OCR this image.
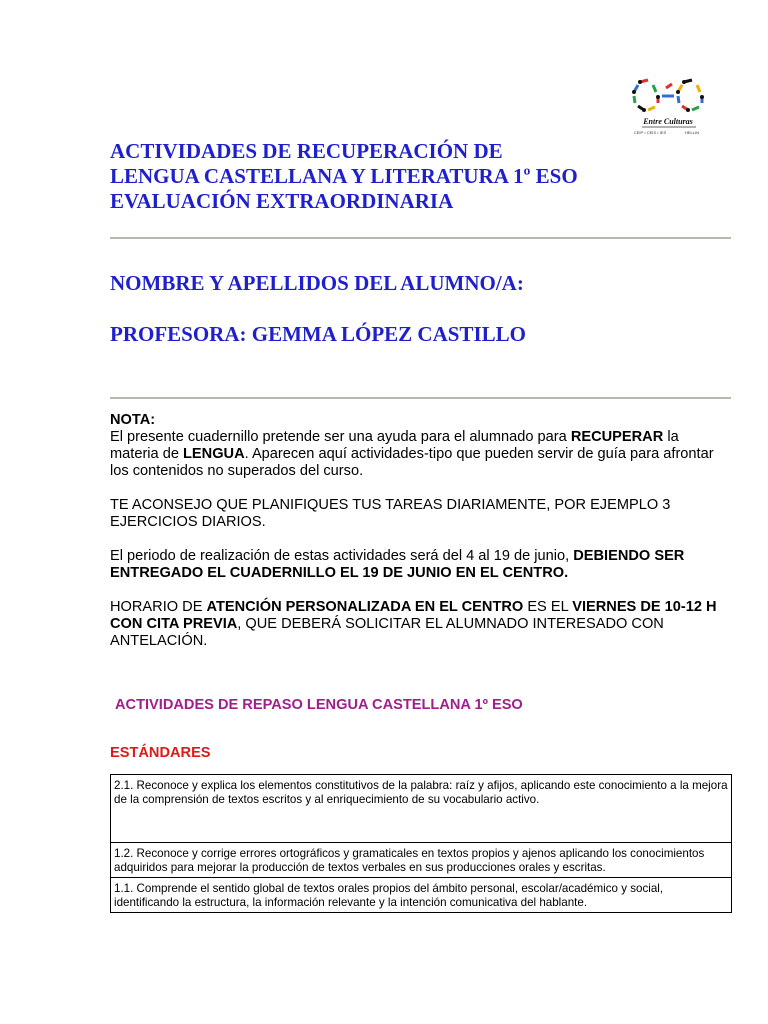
Entre Culturas
CEIP • CEIS • IES	HELLIN
ACTIVIDADES DE RECUPERACIÓN DE
LENGUA CASTELLANA Y LITERATURA 1º ESO
EVALUACIÓN EXTRAORDINARIA
NOMBRE Y APELLIDOS DEL ALUMNO/A:
PROFESORA: GEMMA LÓPEZ CASTILLO

NOTA:

El presente cuadernillo pretende ser una ayuda para el alumnado para RECUPERAR la materia de LENGUA. Aparecen aquí actividades-tipo que pueden servir de guía para afrontar los contenidos no superados del curso.

TE ACONSEJO QUE PLANIFIQUES TUS TAREAS DIARIAMENTE, POR EJEMPLO 3 EJERCICIOS DIARIOS.

El periodo de realización de estas actividades será del 4 al 19 de junio, DEBIENDO SER ENTREGADO EL CUADERNILLO EL 19 DE JUNIO EN EL CENTRO.

HORARIO DE ATENCIÓN PERSONALIZADA EN EL CENTRO ES EL VIERNES DE 10-12 H CON CITA PREVIA, QUE DEBERÁ SOLICITAR EL ALUMNADO INTERESADO CON ANTELACIÓN.

ACTIVIDADES DE REPASO LENGUA CASTELLANA 1º ESO
ESTÁNDARES
2.1. Reconoce y explica los elementos constitutivos de la palabra: raíz y afijos, aplicando este conocimiento a la mejora de la comprensión de textos escritos y al enriquecimiento de su vocabulario activo.
1.2. Reconoce y corrige errores ortográficos y gramaticales en textos propios y ajenos aplicando los conocimientos adquiridos para mejorar la producción de textos verbales en sus producciones orales y escritas.
1.1. Comprende el sentido global de textos orales propios del ámbito personal, escolar/académico y social, identificando la estructura, la información relevante y la intención comunicativa del hablante.
